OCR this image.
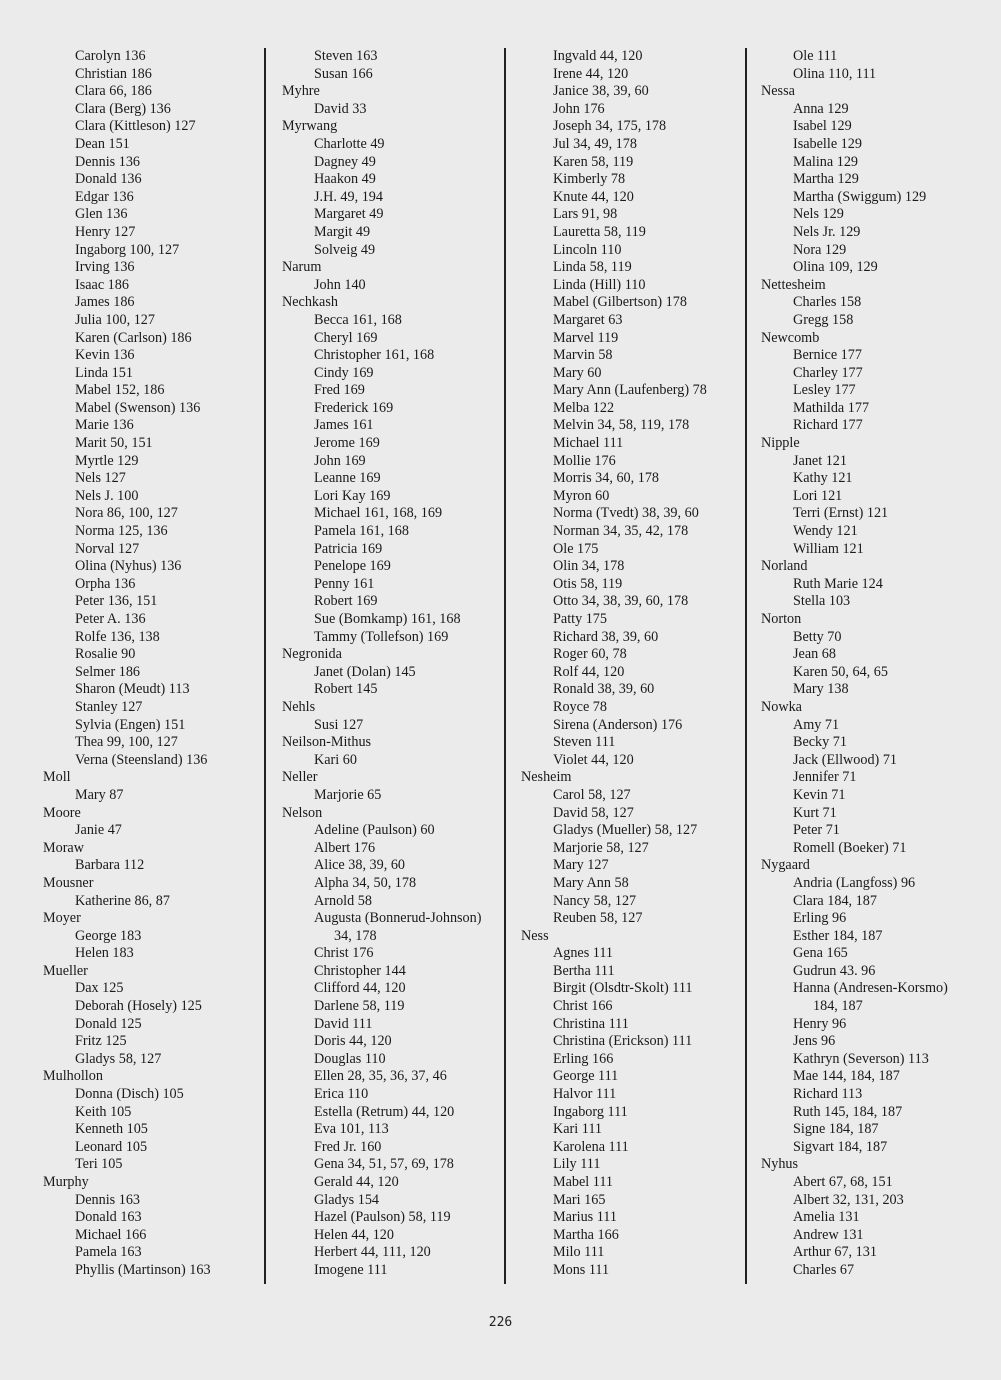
Carolyn 136
Christian 186
Clara 66, 186
Clara (Berg) 136
Clara (Kittleson) 127
Dean 151
Dennis 136
Donald 136
Edgar 136
Glen 136
Henry 127
Ingaborg 100, 127
Irving 136
Isaac 186
James 186
Julia 100, 127
Karen (Carlson) 186
Kevin 136
Linda 151
Mabel 152, 186
Mabel (Swenson) 136
Marie 136
Marit 50, 151
Myrtle 129
Nels 127
Nels J. 100
Nora 86, 100, 127
Norma 125, 136
Norval 127
Olina (Nyhus) 136
Orpha 136
Peter 136, 151
Peter A. 136
Rolfe 136, 138
Rosalie 90
Selmer 186
Sharon (Meudt) 113
Stanley 127
Sylvia (Engen) 151
Thea 99, 100, 127
Verna (Steensland) 136
Moll
Mary 87
Moore
Janie 47
Moraw
Barbara 112
Mousner
Katherine 86, 87
Moyer
George 183
Helen 183
Mueller
Dax 125
Deborah (Hosely) 125
Donald 125
Fritz 125
Gladys 58, 127
Mulhollon
Donna (Disch) 105
Keith 105
Kenneth 105
Leonard 105
Teri 105
Murphy
Dennis 163
Donald 163
Michael 166
Pamela 163
Phyllis (Martinson) 163
Steven 163
Susan 166
Myhre
David 33
Myrwang
Charlotte 49
Dagney 49
Haakon 49
J.H. 49, 194
Margaret 49
Margit 49
Solveig 49
Narum
John 140
Nechkash
Becca 161, 168
Cheryl 169
Christopher 161, 168
Cindy 169
Fred 169
Frederick 169
James 161
Jerome 169
John 169
Leanne 169
Lori Kay 169
Michael 161, 168, 169
Pamela 161, 168
Patricia 169
Penelope 169
Penny 161
Robert 169
Sue (Bomkamp) 161, 168
Tammy (Tollefson) 169
Negronida
Janet (Dolan) 145
Robert 145
Nehls
Susi 127
Neilson-Mithus
Kari 60
Neller
Marjorie 65
Nelson
Adeline (Paulson) 60
Albert 176
Alice 38, 39, 60
Alpha 34, 50, 178
Arnold 58
Augusta (Bonnerud-Johnson)
34, 178
Christ 176
Christopher 144
Clifford 44, 120
Darlene 58, 119
David 111
Doris 44, 120
Douglas 110
Ellen 28, 35, 36, 37, 46
Erica 110
Estella (Retrum) 44, 120
Eva 101, 113
Fred Jr. 160
Gena 34, 51, 57, 69, 178
Gerald 44, 120
Gladys 154
Hazel (Paulson) 58, 119
Helen 44, 120
Herbert 44, 111, 120
Imogene 111
Ingvald 44, 120
Irene 44, 120
Janice 38, 39, 60
John 176
Joseph 34, 175, 178
Jul 34, 49, 178
Karen 58, 119
Kimberly 78
Knute 44, 120
Lars 91, 98
Lauretta 58, 119
Lincoln 110
Linda 58, 119
Linda (Hill) 110
Mabel (Gilbertson) 178
Margaret 63
Marvel 119
Marvin 58
Mary 60
Mary Ann (Laufenberg) 78
Melba 122
Melvin 34, 58, 119, 178
Michael 111
Mollie 176
Morris 34, 60, 178
Myron 60
Norma (Tvedt) 38, 39, 60
Norman 34, 35, 42, 178
Ole 175
Olin 34, 178
Otis 58, 119
Otto 34, 38, 39, 60, 178
Patty 175
Richard 38, 39, 60
Roger 60, 78
Rolf 44, 120
Ronald 38, 39, 60
Royce 78
Sirena (Anderson) 176
Steven 111
Violet 44, 120
Nesheim
Carol 58, 127
David 58, 127
Gladys (Mueller) 58, 127
Marjorie 58, 127
Mary 127
Mary Ann 58
Nancy 58, 127
Reuben 58, 127
Ness
Agnes 111
Bertha 111
Birgit (Olsdtr-Skolt) 111
Christ 166
Christina 111
Christina (Erickson) 111
Erling 166
George 111
Halvor 111
Ingaborg 111
Kari 111
Karolena 111
Lily 111
Mabel 111
Mari 165
Marius 111
Martha 166
Milo 111
Mons 111
Ole 111
Olina 110, 111
Nessa
Anna 129
Isabel 129
Isabelle 129
Malina 129
Martha 129
Martha (Swiggum) 129
Nels 129
Nels Jr. 129
Nora 129
Olina 109, 129
Nettesheim
Charles 158
Gregg 158
Newcomb
Bernice 177
Charley 177
Lesley 177
Mathilda 177
Richard 177
Nipple
Janet 121
Kathy 121
Lori 121
Terri (Ernst) 121
Wendy 121
William 121
Norland
Ruth Marie 124
Stella 103
Norton
Betty 70
Jean 68
Karen 50, 64, 65
Mary 138
Nowka
Amy 71
Becky 71
Jack (Ellwood) 71
Jennifer 71
Kevin 71
Kurt 71
Peter 71
Romell (Boeker) 71
Nygaard
Andria (Langfoss) 96
Clara 184, 187
Erling 96
Esther 184, 187
Gena 165
Gudrun 43. 96
Hanna (Andresen-Korsmo)
184, 187
Henry 96
Jens 96
Kathryn (Severson) 113
Mae 144, 184, 187
Richard 113
Ruth 145, 184, 187
Signe 184, 187
Sigvart 184, 187
Nyhus
Abert 67, 68, 151
Albert 32, 131, 203
Amelia 131
Andrew 131
Arthur 67, 131
Charles 67
226
